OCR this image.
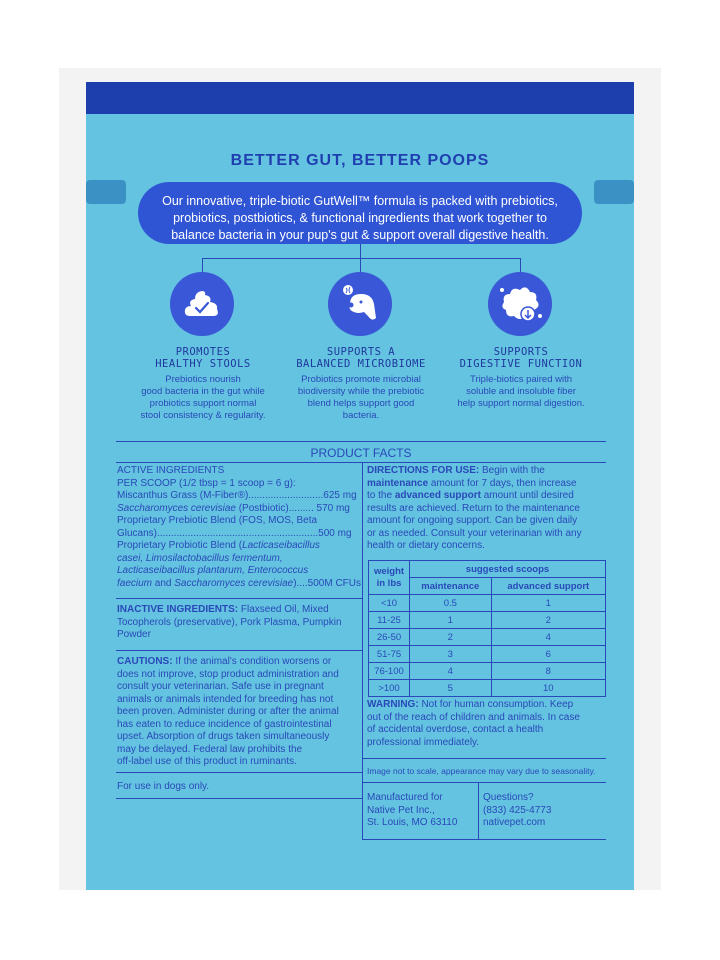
BETTER GUT, BETTER POOPS
Our innovative, triple-biotic GutWell™ formula is packed with prebiotics,
probiotics, postbiotics, & functional ingredients that work together to
balance bacteria in your pup's gut & support overall digestive health.
PROMOTES
HEALTHY STOOLS
Prebiotics nourish
good bacteria in the gut while
probiotics support normal
stool consistency & regularity.
SUPPORTS A
BALANCED MICROBIOME
Probiotics promote microbial
biodiversity while the prebiotic
blend helps support good
bacteria.
SUPPORTS
DIGESTIVE FUNCTION
Triple-biotics paired with
soluble and insoluble fiber
help support normal digestion.
PRODUCT FACTS
ACTIVE INGREDIENTS
PER SCOOP (1/2 tbsp = 1 scoop = 6 g):
Miscanthus Grass (M-Fiber®)...........................625 mg
Saccharomyces cerevisiae (Postbiotic)......... 570 mg
Proprietary Prebiotic Blend (FOS, MOS, Beta
Glucans)..........................................................500 mg
Proprietary Probiotic Blend (Lacticaseibacillus
casei, Limosilactobacillus fermentum,
Lacticaseibacillus plantarum, Enterococcus
faecium and Saccharomyces cerevisiae)....500M CFUs
INACTIVE INGREDIENTS: Flaxseed Oil, Mixed
Tocopherols (preservative), Pork Plasma, Pumpkin
Powder
CAUTIONS: If the animal's condition worsens or
does not improve, stop product administration and
consult your veterinarian. Safe use in pregnant
animals or animals intended for breeding has not
been proven. Administer during or after the animal
has eaten to reduce incidence of gastrointestinal
upset. Absorption of drugs taken simultaneously
may be delayed. Federal law prohibits the
off-label use of this product in ruminants.
For use in dogs only.
DIRECTIONS FOR USE: Begin with the
maintenance amount for 7 days, then increase
to the advanced support amount until desired
results are achieved. Return to the maintenance
amount for ongoing support. Can be given daily
or as needed. Consult your veterinarian with any
health or dietary concerns.
weight
in lbs	suggested scoops	
	maintenance	advanced support
<10	0.5	1
11-25	1	2
26-50	2	4
51-75	3	6
76-100	4	8
>100	5	10
WARNING: Not for human consumption. Keep
out of the reach of children and animals. In case
of accidental overdose, contact a health
professional immediately.
Image not to scale, appearance may vary due to seasonality.
Manufactured for
Native Pet Inc.,
St. Louis, MO 63110
Questions?
(833) 425-4773
nativepet.com
